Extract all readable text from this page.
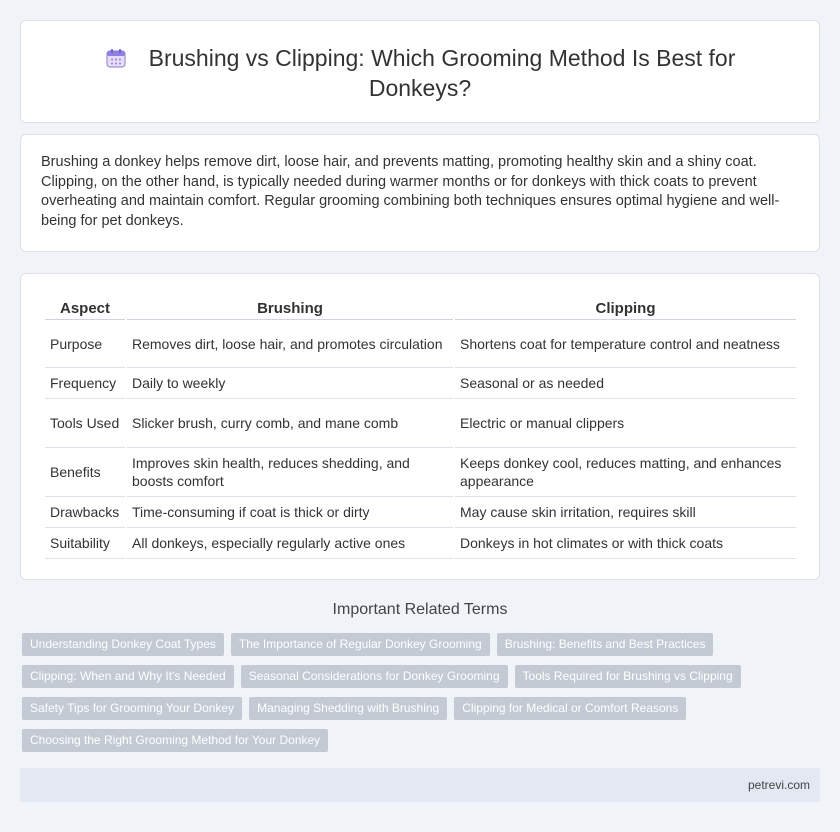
Brushing vs Clipping: Which Grooming Method Is Best for Donkeys?

Brushing a donkey helps remove dirt, loose hair, and prevents matting, promoting healthy skin and a shiny coat. Clipping, on the other hand, is typically needed during warmer months or for donkeys with thick coats to prevent overheating and maintain comfort. Regular grooming combining both techniques ensures optimal hygiene and well-being for pet donkeys.

Aspect	Brushing	Clipping
Purpose	Removes dirt, loose hair, and promotes circulation	Shortens coat for temperature control and neatness
Frequency	Daily to weekly	Seasonal or as needed
Tools Used	Slicker brush, curry comb, and mane comb	Electric or manual clippers
Benefits	Improves skin health, reduces shedding, and boosts comfort	Keeps donkey cool, reduces matting, and enhances appearance
Drawbacks	Time-consuming if coat is thick or dirty	May cause skin irritation, requires skill
Suitability	All donkeys, especially regularly active ones	Donkeys in hot climates or with thick coats
Important Related Terms
Understanding Donkey Coat Types	The Importance of Regular Donkey Grooming	Brushing: Benefits and Best Practices
Clipping: When and Why It's Needed	Seasonal Considerations for Donkey Grooming	Tools Required for Brushing vs Clipping
Safety Tips for Grooming Your Donkey	Managing Shedding with Brushing	Clipping for Medical or Comfort Reasons
Choosing the Right Grooming Method for Your Donkey
petrevi.com
